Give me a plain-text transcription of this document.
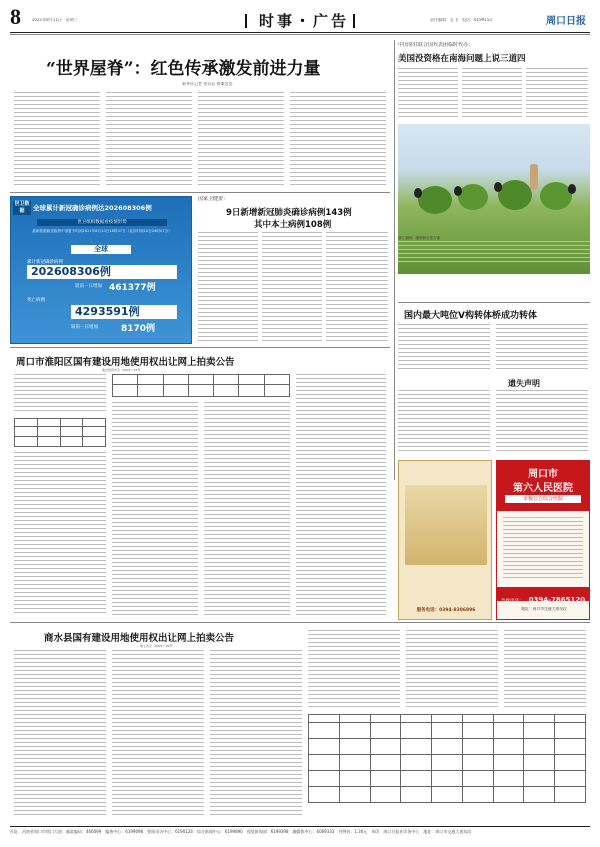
8	2021年8月11日　星期三	时事・广告	责任编辑：孔飞　电话：6199153	周口日报
“世界屋脊”：红色传承激发前进力量
新华社记者 张京品 格桑边觉
世卫数据	全球累计新冠确诊病例达202608306例
世卫组织数据看疫情形势
最新数据截至欧洲中部夏令时间2021年8月10日18时07分（北京时间10日24时07分）
全球
累计新冠确诊病例
202608306例
较前一日增加 461377例
死亡病例
4293591例
较前一日增加	8170例
国家卫健委：
9日新增新冠肺炎确诊病例143例
其中本土病例108例
周口市淮阳区国有建设用地使用权出让网上拍卖公告
淮自然资告字（2021）12号

商水县国有建设用地使用权出让网上拍卖公告
商土告字（2021）09号

中国常驻联合国代表团临时代办：
美国没资格在南海问题上说三道四
浙江湖州：湖州桥长泰古镇
国内最大吨位Ⅴ构转体桥成功转体
遗失声明
服务电话：0394-8306896
周口市
第六人民医院
市极公立综合医院
急救电话： 0394-7865120
地址：周口市交通大道东段
社址：河南省周口市周口大道　邮政编码：466099　编务中心：6199098　要闻采访中心：6190126　综合新闻中心：6199890　视觉新闻部：6199398　融媒体中心：6069333　刊例价：1.30元　承印：周口日报社印务中心　地址：周口市交通大道东段
